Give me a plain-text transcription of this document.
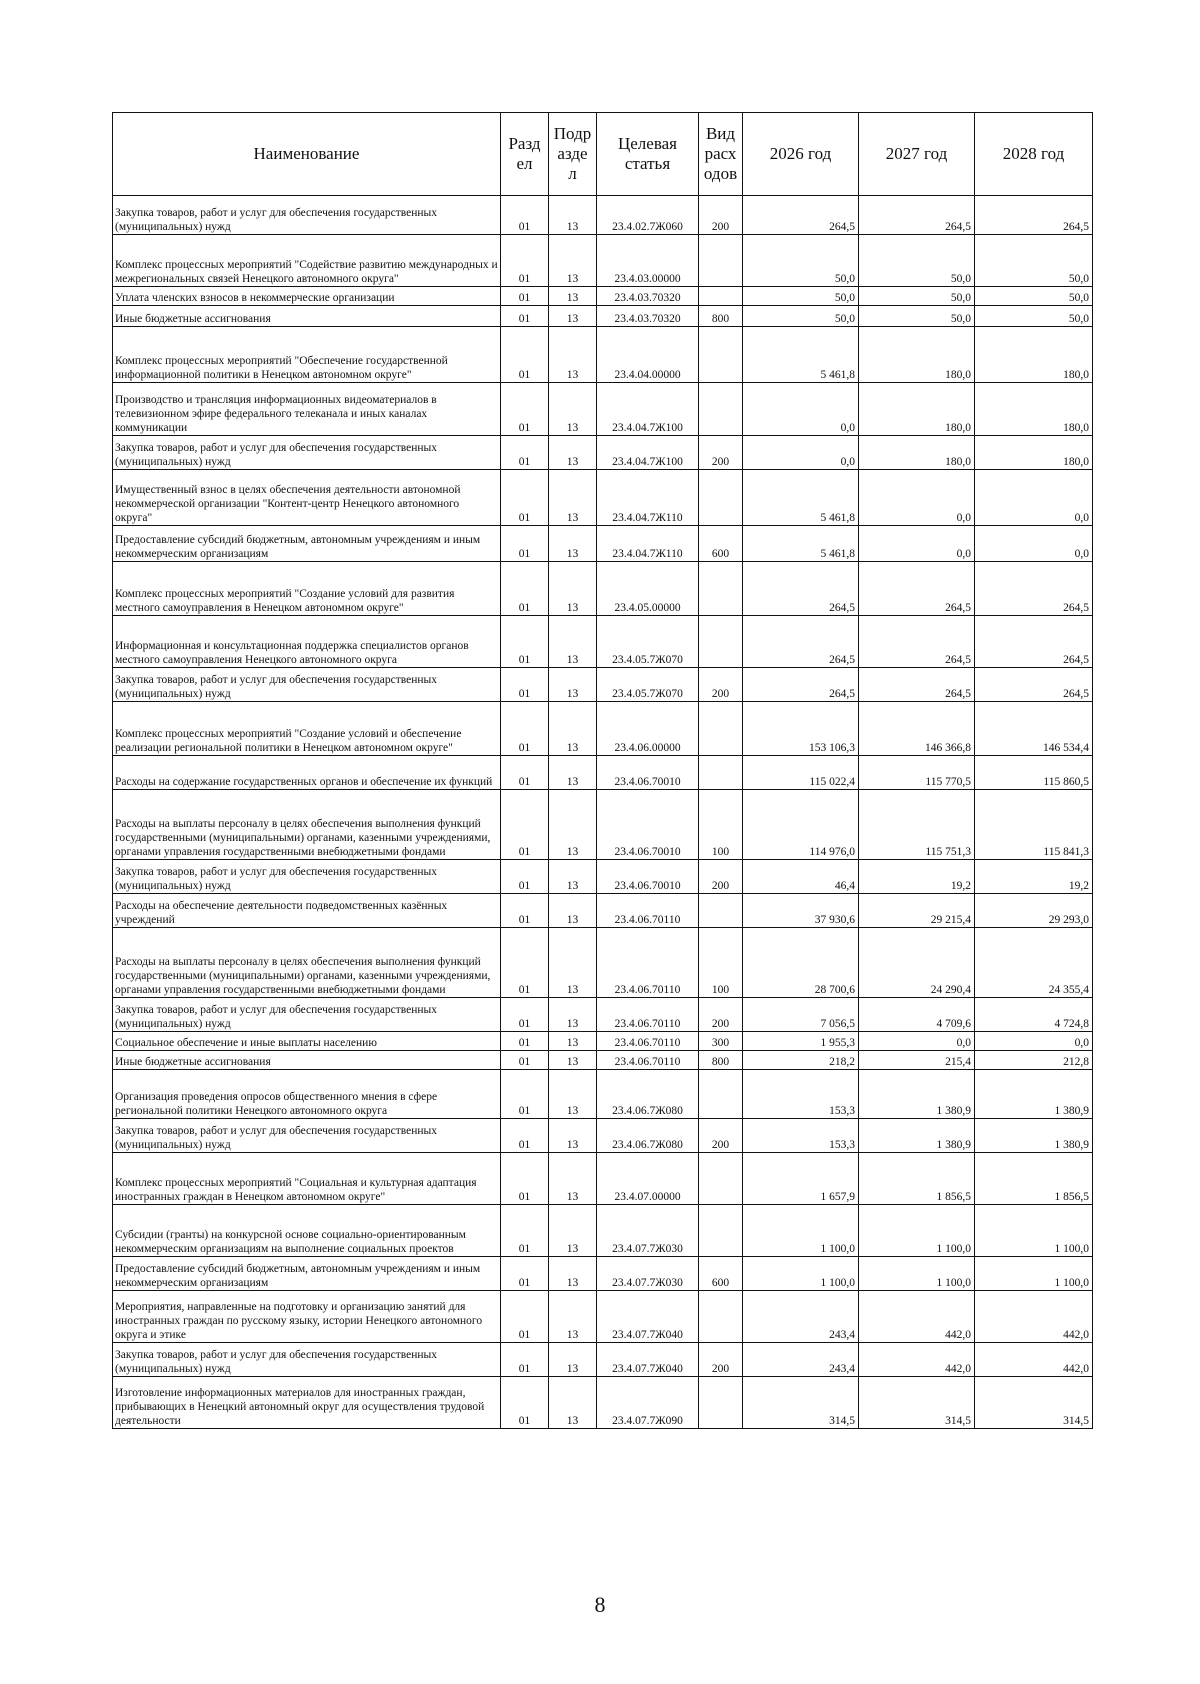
Наименование	Разд ел	Подр азде л	Целевая статья	Вид расх одов	2026 год	2027 год	2028 год
Закупка товаров, работ и услуг для обеспечения государственных (муниципальных) нужд	01	13	23.4.02.7Ж060	200	264,5	264,5	264,5
Комплекс процессных мероприятий "Содействие развитию международных и межрегиональных связей Ненецкого автономного округа"	01	13	23.4.03.00000		50,0	50,0	50,0
Уплата членских взносов в некоммерческие организации	01	13	23.4.03.70320		50,0	50,0	50,0
Иные бюджетные ассигнования	01	13	23.4.03.70320	800	50,0	50,0	50,0
Комплекс процессных мероприятий "Обеспечение государственной информационной политики в Ненецком автономном округе"	01	13	23.4.04.00000		5 461,8	180,0	180,0
Производство и трансляция информационных видеоматериалов в телевизионном эфире федерального телеканала и иных каналах коммуникации	01	13	23.4.04.7Ж100		0,0	180,0	180,0
Закупка товаров, работ и услуг для обеспечения государственных (муниципальных) нужд	01	13	23.4.04.7Ж100	200	0,0	180,0	180,0
Имущественный взнос в целях обеспечения деятельности автономной некоммерческой организации "Контент-центр Ненецкого автономного округа"	01	13	23.4.04.7Ж110		5 461,8	0,0	0,0
Предоставление субсидий бюджетным, автономным учреждениям и иным некоммерческим организациям	01	13	23.4.04.7Ж110	600	5 461,8	0,0	0,0
Комплекс процессных мероприятий "Создание условий для развития местного самоуправления в Ненецком автономном округе"	01	13	23.4.05.00000		264,5	264,5	264,5
Информационная и консультационная поддержка специалистов органов местного самоуправления Ненецкого автономного округа	01	13	23.4.05.7Ж070		264,5	264,5	264,5
Закупка товаров, работ и услуг для обеспечения государственных (муниципальных) нужд	01	13	23.4.05.7Ж070	200	264,5	264,5	264,5
Комплекс процессных мероприятий "Создание условий и обеспечение реализации региональной политики в Ненецком автономном округе"	01	13	23.4.06.00000		153 106,3	146 366,8	146 534,4
Расходы на содержание государственных органов и обеспечение их функций	01	13	23.4.06.70010		115 022,4	115 770,5	115 860,5
Расходы на выплаты персоналу в целях обеспечения выполнения функций государственными (муниципальными) органами, казенными учреждениями, органами управления государственными внебюджетными фондами	01	13	23.4.06.70010	100	114 976,0	115 751,3	115 841,3
Закупка товаров, работ и услуг для обеспечения государственных (муниципальных) нужд	01	13	23.4.06.70010	200	46,4	19,2	19,2
Расходы на обеспечение деятельности подведомственных казённых учреждений	01	13	23.4.06.70110		37 930,6	29 215,4	29 293,0
Расходы на выплаты персоналу в целях обеспечения выполнения функций государственными (муниципальными) органами, казенными учреждениями, органами управления государственными внебюджетными фондами	01	13	23.4.06.70110	100	28 700,6	24 290,4	24 355,4
Закупка товаров, работ и услуг для обеспечения государственных (муниципальных) нужд	01	13	23.4.06.70110	200	7 056,5	4 709,6	4 724,8
Социальное обеспечение и иные выплаты населению	01	13	23.4.06.70110	300	1 955,3	0,0	0,0
Иные бюджетные ассигнования	01	13	23.4.06.70110	800	218,2	215,4	212,8
Организация проведения опросов общественного мнения в сфере региональной политики Ненецкого автономного округа	01	13	23.4.06.7Ж080		153,3	1 380,9	1 380,9
Закупка товаров, работ и услуг для обеспечения государственных (муниципальных) нужд	01	13	23.4.06.7Ж080	200	153,3	1 380,9	1 380,9
Комплекс процессных мероприятий "Социальная и культурная адаптация иностранных граждан в Ненецком автономном округе"	01	13	23.4.07.00000		1 657,9	1 856,5	1 856,5
Субсидии (гранты) на конкурсной основе социально-ориентированным некоммерческим организациям на выполнение социальных проектов	01	13	23.4.07.7Ж030		1 100,0	1 100,0	1 100,0
Предоставление субсидий бюджетным, автономным учреждениям и иным некоммерческим организациям	01	13	23.4.07.7Ж030	600	1 100,0	1 100,0	1 100,0
Мероприятия, направленные на подготовку и организацию занятий для иностранных граждан по русскому языку, истории Ненецкого автономного округа и этике	01	13	23.4.07.7Ж040		243,4	442,0	442,0
Закупка товаров, работ и услуг для обеспечения государственных (муниципальных) нужд	01	13	23.4.07.7Ж040	200	243,4	442,0	442,0
Изготовление информационных материалов для иностранных граждан, прибывающих в Ненецкий автономный округ для осуществления трудовой деятельности	01	13	23.4.07.7Ж090		314,5	314,5	314,5
8
